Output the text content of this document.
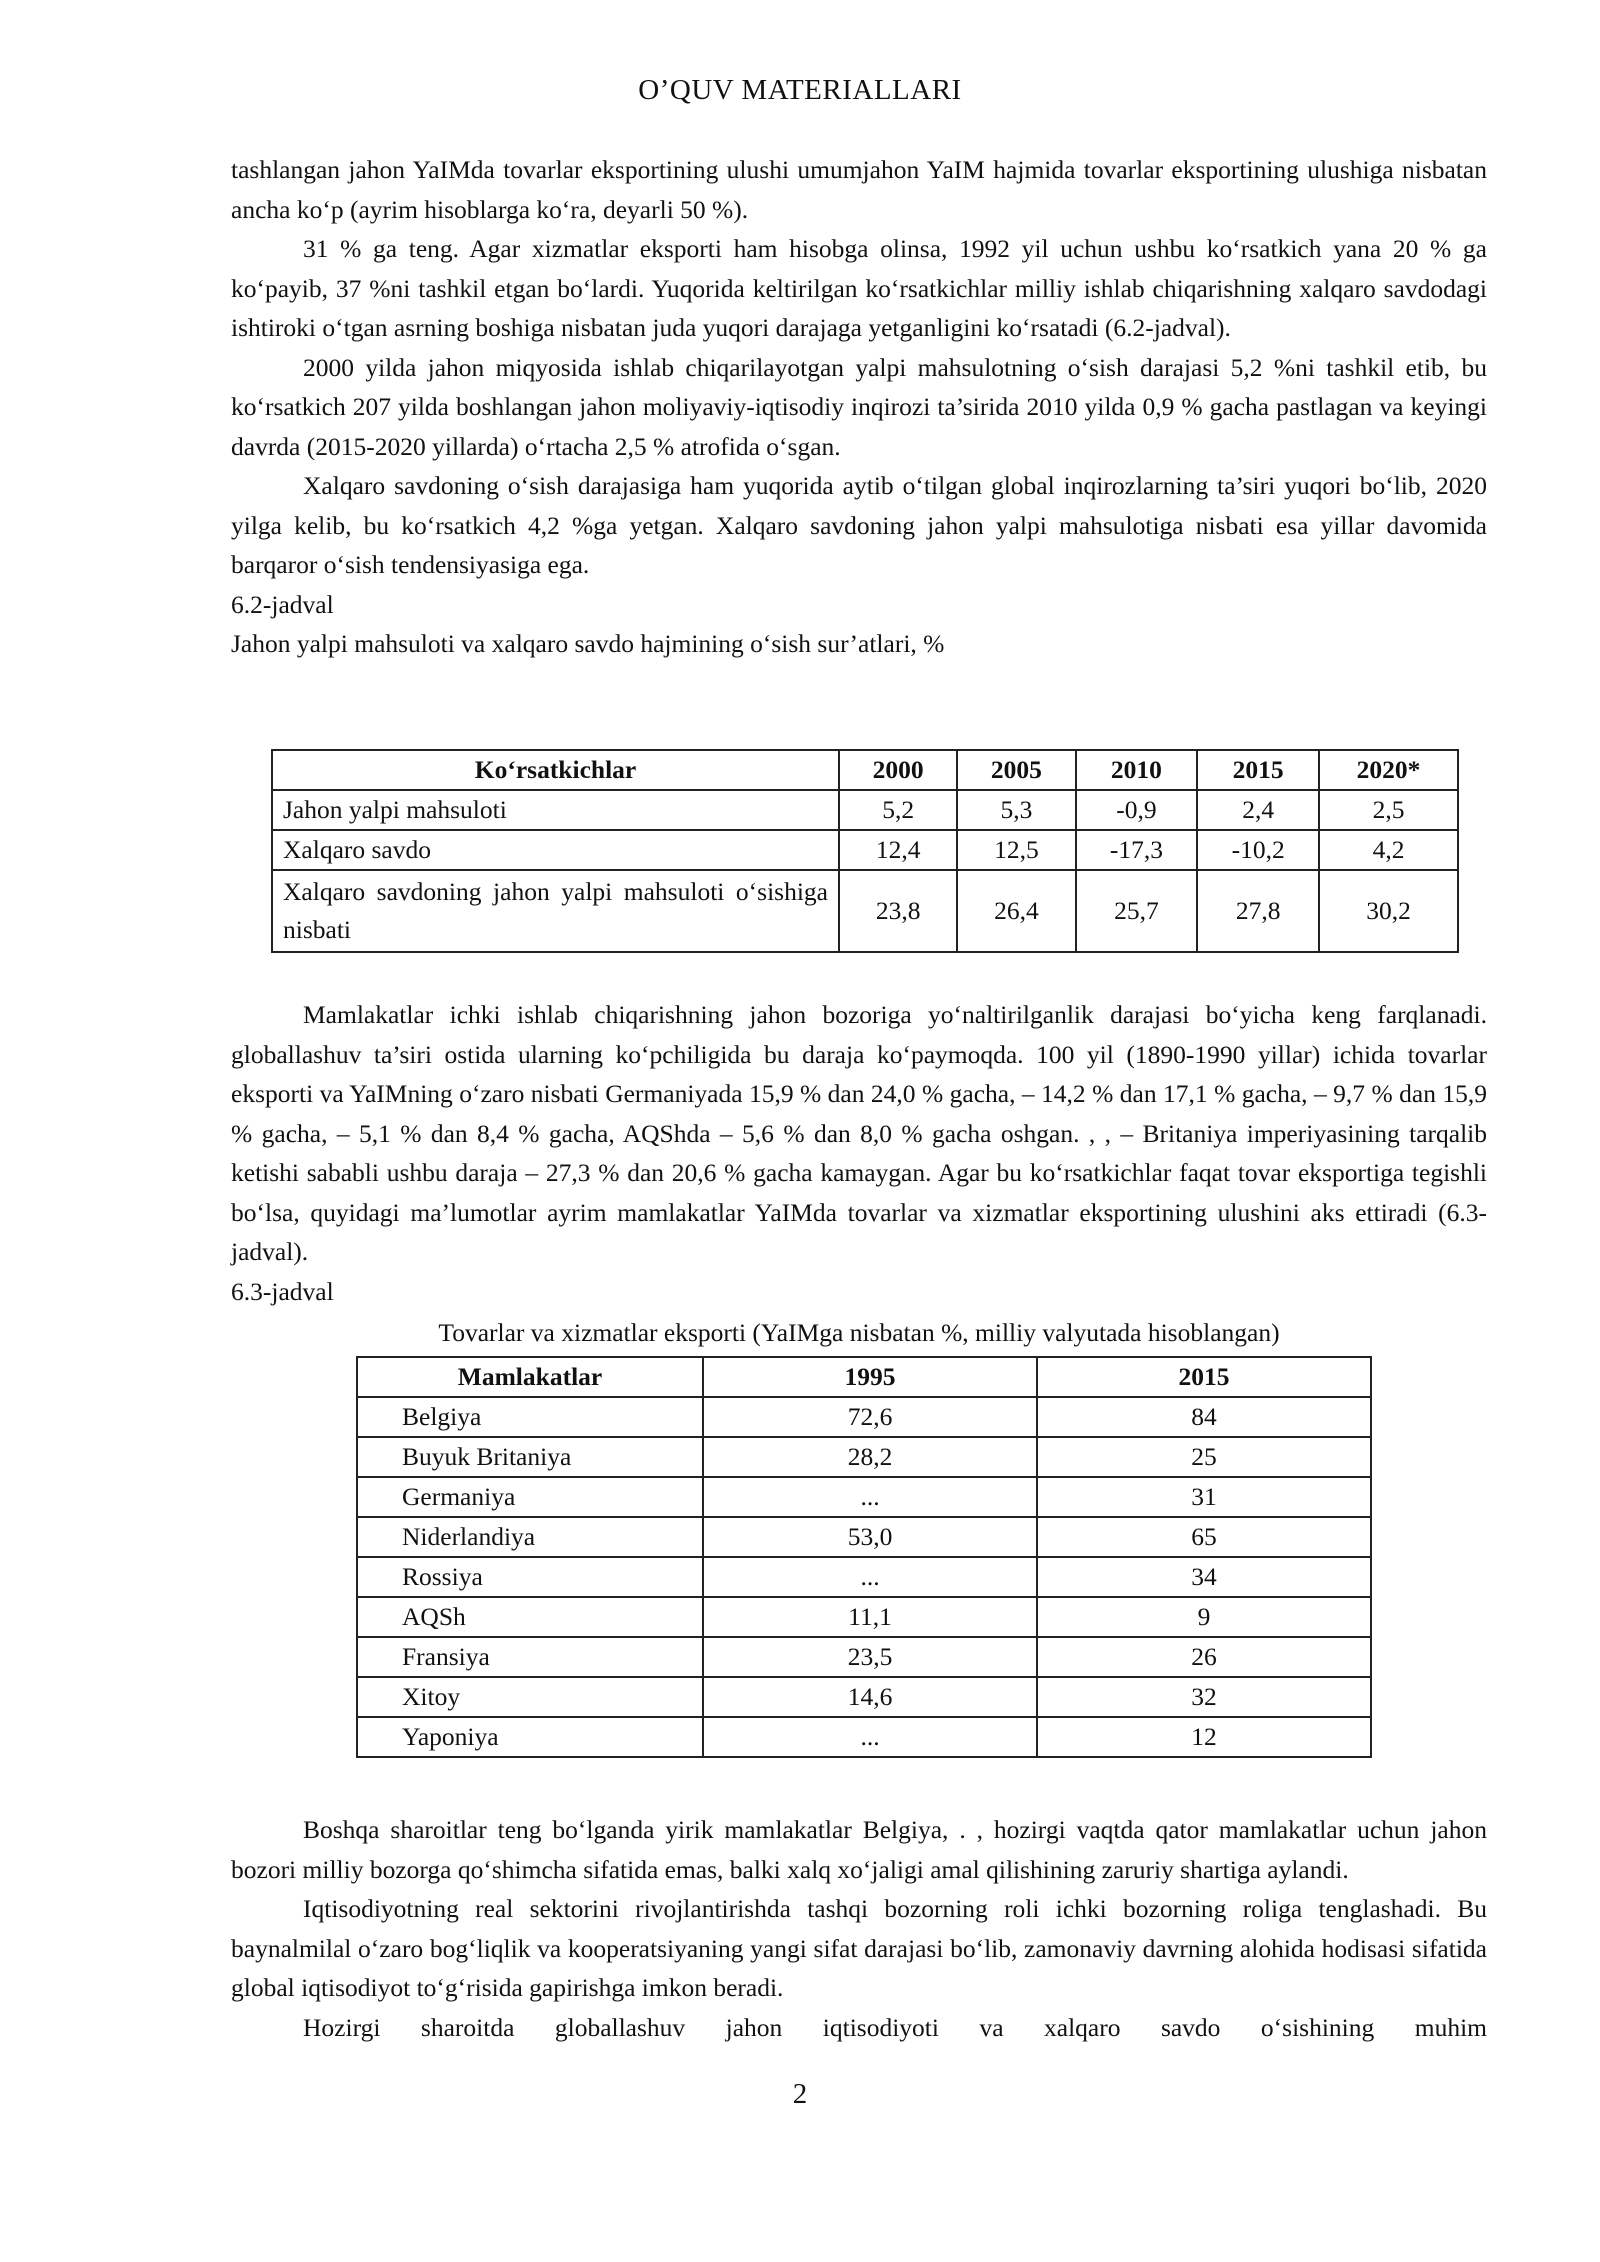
O’QUV MATERIALLARI

tashlangan jahon YaIMda tovarlar eksportining ulushi umumjahon YaIM hajmida tovarlar eksportining ulushiga nisbatan ancha ko‘p (ayrim hisoblarga ko‘ra, deyarli 50 %).

31 % ga teng. Agar xizmatlar eksporti ham hisobga olinsa, 1992 yil uchun ushbu ko‘rsatkich yana 20 % ga ko‘payib, 37 %ni tashkil etgan bo‘lardi. Yuqorida keltirilgan ko‘rsatkichlar milliy ishlab chiqarishning xalqaro savdodagi ishtiroki o‘tgan asrning boshiga nisbatan juda yuqori darajaga yetganligini ko‘rsatadi (6.2-jadval).

2000 yilda jahon miqyosida ishlab chiqarilayotgan yalpi mahsulotning o‘sish darajasi 5,2 %ni tashkil etib, bu ko‘rsatkich 207 yilda boshlangan jahon moliyaviy-iqtisodiy inqirozi ta’sirida 2010 yilda 0,9 % gacha pastlagan va keyingi davrda (2015-2020 yillarda) o‘rtacha 2,5 % atrofida o‘sgan.

Xalqaro savdoning o‘sish darajasiga ham yuqorida aytib o‘tilgan global inqirozlarning ta’siri yuqori bo‘lib, 2020 yilga kelib, bu ko‘rsatkich 4,2 %ga yetgan. Xalqaro savdoning jahon yalpi mahsulotiga nisbati esa yillar davomida barqaror o‘sish tendensiyasiga ega.

6.2-jadval

Jahon yalpi mahsuloti va xalqaro savdo hajmining o‘sish sur’atlari, %

Ko‘rsatkichlar	2000	2005	2010	2015	2020*
Jahon yalpi mahsuloti	5,2	5,3	-0,9	2,4	2,5
Xalqaro savdo	12,4	12,5	-17,3	-10,2	4,2
Xalqaro savdoning jahon yalpi mahsuloti o‘sishiga nisbati	23,8	26,4	25,7	27,8	30,2

Mamlakatlar ichki ishlab chiqarishning jahon bozoriga yo‘naltirilganlik darajasi bo‘yicha keng farqlanadi. globallashuv ta’siri ostida ularning ko‘pchiligida bu daraja ko‘paymoqda. 100 yil (1890-1990 yillar) ichida tovarlar eksporti va YaIMning o‘zaro nisbati Germaniyada 15,9 % dan 24,0 % gacha, – 14,2 % dan 17,1 % gacha, – 9,7 % dan 15,9 % gacha, – 5,1 % dan 8,4 % gacha, AQShda – 5,6 % dan 8,0 % gacha oshgan. , , – Britaniya imperiyasining tarqalib ketishi sababli ushbu daraja – 27,3 % dan 20,6 % gacha kamaygan. Agar bu ko‘rsatkichlar faqat tovar eksportiga tegishli bo‘lsa, quyidagi ma’lumotlar ayrim mamlakatlar YaIMda tovarlar va xizmatlar eksportining ulushini aks ettiradi (6.3-jadval).

6.3-jadval

Tovarlar va xizmatlar eksporti (YaIMga nisbatan %, milliy valyutada hisoblangan)
Mamlakatlar	1995	2015
Belgiya	72,6	84
Buyuk Britaniya	28,2	25
Germaniya	...	31
Niderlandiya	53,0	65
Rossiya	...	34
AQSh	11,1	9
Fransiya	23,5	26
Xitoy	14,6	32
Yaponiya	...	12

Boshqa sharoitlar teng bo‘lganda yirik mamlakatlar Belgiya, . , hozirgi vaqtda qator mamlakatlar uchun jahon bozori milliy bozorga qo‘shimcha sifatida emas, balki xalq xo‘jaligi amal qilishining zaruriy shartiga aylandi.

Iqtisodiyotning real sektorini rivojlantirishda tashqi bozorning roli ichki bozorning roliga tenglashadi. Bu baynalmilal o‘zaro bog‘liqlik va kooperatsiyaning yangi sifat darajasi bo‘lib, zamonaviy davrning alohida hodisasi sifatida global iqtisodiyot to‘g‘risida gapirishga imkon beradi.

Hozirgi sharoitda globallashuv jahon iqtisodiyoti va xalqaro savdo o‘sishining muhim

2
